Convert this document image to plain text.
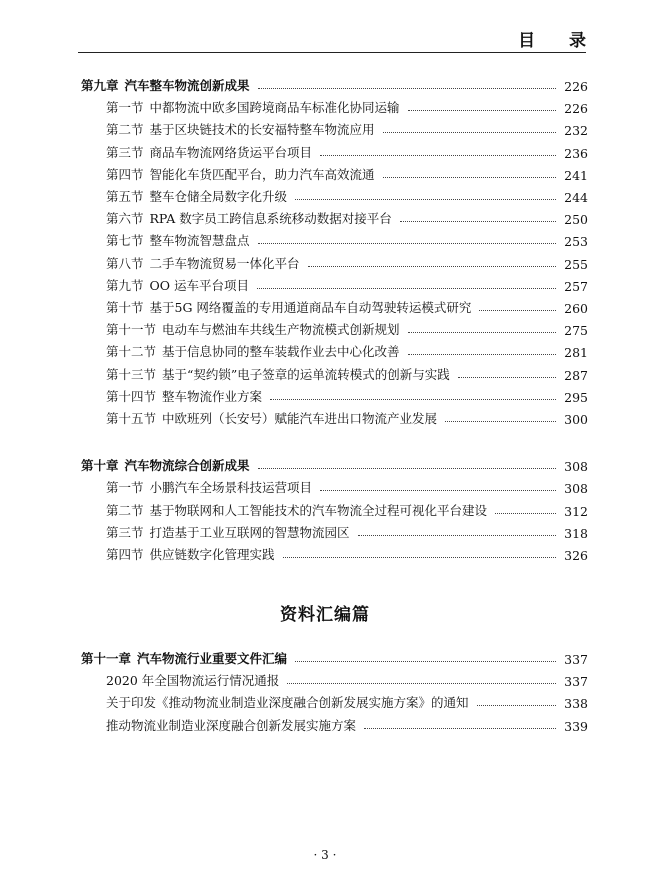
目 录
第九章 汽车整车物流创新成果	226
第一节 中都物流中欧多国跨境商品车标准化协同运输	226
第二节 基于区块链技术的长安福特整车物流应用	232
第三节 商品车物流网络货运平台项目	236
第四节 智能化车货匹配平台，助力汽车高效流通	241
第五节 整车仓储全局数字化升级	244
第六节 RPA 数字员工跨信息系统移动数据对接平台	250
第七节 整车物流智慧盘点	253
第八节 二手车物流贸易一体化平台	255
第九节 OO 运车平台项目	257
第十节 基于5G 网络覆盖的专用通道商品车自动驾驶转运模式研究	260
第十一节 电动车与燃油车共线生产物流模式创新规划	275
第十二节 基于信息协同的整车装载作业去中心化改善	281
第十三节 基于“契约锁”电子签章的运单流转模式的创新与实践	287
第十四节 整车物流作业方案	295
第十五节 中欧班列（长安号）赋能汽车进出口物流产业发展	300
第十章 汽车物流综合创新成果	308
第一节 小鹏汽车全场景科技运营项目	308
第二节 基于物联网和人工智能技术的汽车物流全过程可视化平台建设	312
第三节 打造基于工业互联网的智慧物流园区	318
第四节 供应链数字化管理实践	326
资料汇编篇
第十一章 汽车物流行业重要文件汇编	337
2020 年全国物流运行情况通报	337
关于印发《推动物流业制造业深度融合创新发展实施方案》的通知	338
推动物流业制造业深度融合创新发展实施方案	339
· 3 ·
